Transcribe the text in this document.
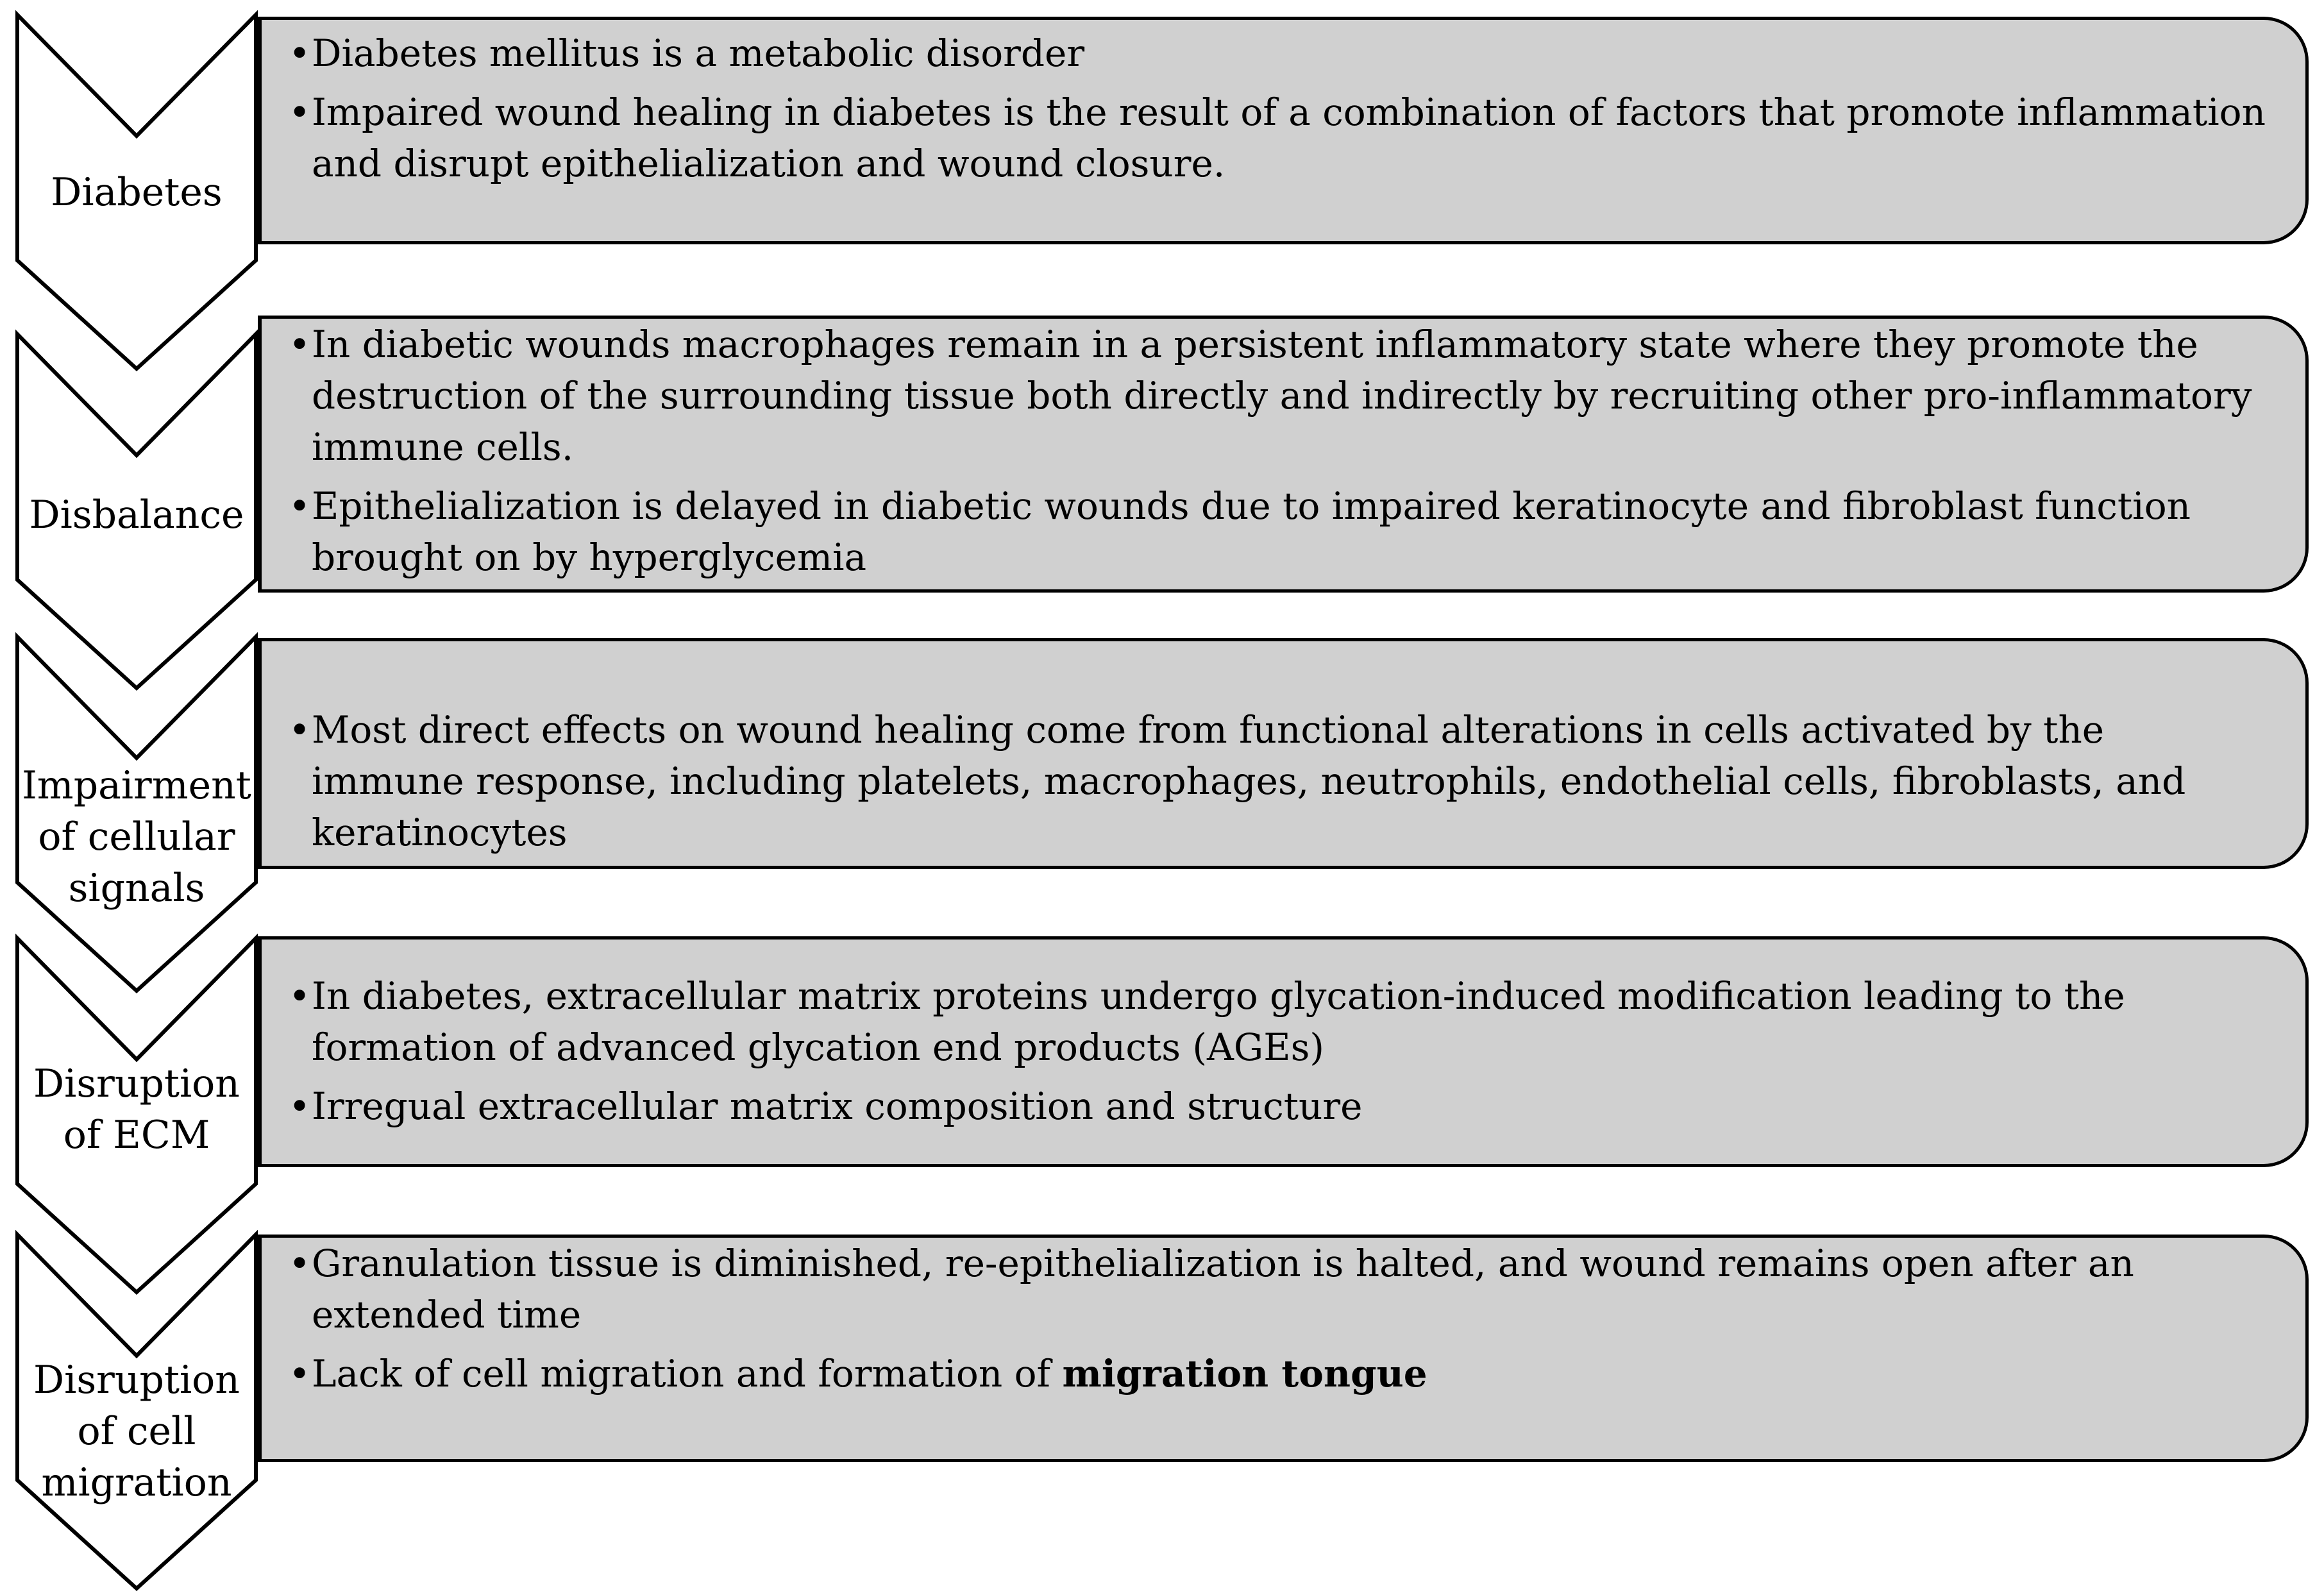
Diabetes
• Diabetes mellitus is a metabolic disorder
• Impaired wound healing in diabetes is the result of a combination of factors that promote inflammation and disrupt epithelialization and wound closure.
Disbalance
• In diabetic wounds macrophages remain in a persistent inflammatory state where they promote the destruction of the surrounding tissue both directly and indirectly by recruiting other pro-inflammatory immune cells.
• Epithelialization is delayed in diabetic wounds due to impaired keratinocyte and fibroblast function brought on by hyperglycemia
Impairment of cellular signals
• Most direct effects on wound healing come from functional alterations in cells activated by the immune response, including platelets, macrophages, neutrophils, endothelial cells, fibroblasts, and keratinocytes
Disruption of ECM
• In diabetes, extracellular matrix proteins undergo glycation-induced modification leading to the formation of advanced glycation end products (AGEs)
• Irregual extracellular matrix composition and structure
Disruption of cell migration
• Granulation tissue is diminished, re-epithelialization is halted, and wound remains open after an extended time
• Lack of cell migration and formation of migration tongue
